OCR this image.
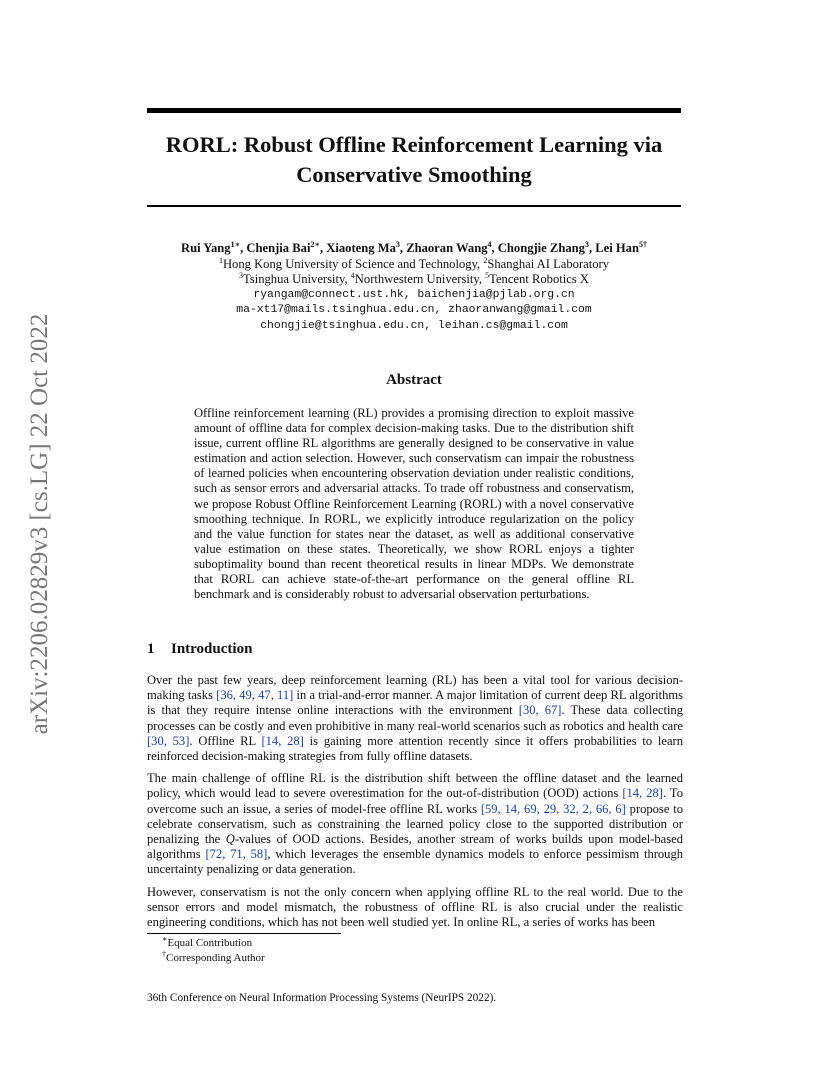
arXiv:2206.02829v3 [cs.LG] 22 Oct 2022
RORL: Robust Offline Reinforcement Learning via
Conservative Smoothing
Rui Yang$^{1∗}$, Chenjia Bai$^{2∗}$, Xiaoteng Ma$^3$, Zhaoran Wang$^4$, Chongjie Zhang$^3$, Lei Han$^{5\dagger}$
$^1$Hong Kong University of Science and Technology, $^2$Shanghai AI Laboratory
$^3$Tsinghua University, $^4$Northwestern University, $^5$Tencent Robotics X
ryangam@connect.ust.hk, baichenjia@pjlab.org.cn
ma-xt17@mails.tsinghua.edu.cn, zhaoranwang@gmail.com
chongjie@tsinghua.edu.cn, leihan.cs@gmail.com
Abstract
Offline reinforcement learning (RL) provides a promising direction to exploit massive amount of offline data for complex decision-making tasks. Due to the distribution shift issue, current offline RL algorithms are generally designed to be conservative in value estimation and action selection. However, such conservatism can impair the robustness of learned policies when encountering observation deviation under realistic conditions, such as sensor errors and adversarial attacks. To trade off robustness and conservatism, we propose Robust Offline Reinforcement Learning (RORL) with a novel conservative smoothing technique. In RORL, we explicitly introduce regularization on the policy and the value function for states near the dataset, as well as additional conservative value estimation on these states. Theoretically, we show RORL enjoys a tighter suboptimality bound than recent theoretical results in linear MDPs. We demonstrate that RORL can achieve state-of-the-art performance on the general offline RL benchmark and is considerably robust to adversarial observation perturbations.
1 Introduction

Over the past few years, deep reinforcement learning (RL) has been a vital tool for various decision-making tasks [36, 49, 47, 11] in a trial-and-error manner. A major limitation of current deep RL algorithms is that they require intense online interactions with the environment [30, 67]. These data collecting processes can be costly and even prohibitive in many real-world scenarios such as robotics and health care [30, 53]. Offline RL [14, 28] is gaining more attention recently since it offers probabilities to learn reinforced decision-making strategies from fully offline datasets.

The main challenge of offline RL is the distribution shift between the offline dataset and the learned policy, which would lead to severe overestimation for the out-of-distribution (OOD) actions [14, 28]. To overcome such an issue, a series of model-free offline RL works [59, 14, 69, 29, 32, 2, 66, 6] propose to celebrate conservatism, such as constraining the learned policy close to the supported distribution or penalizing the Q-values of OOD actions. Besides, another stream of works builds upon model-based algorithms [72, 71, 58], which leverages the ensemble dynamics models to enforce pessimism through uncertainty penalizing or data generation.

However, conservatism is not the only concern when applying offline RL to the real world. Due to the sensor errors and model mismatch, the robustness of offline RL is also crucial under the realistic engineering conditions, which has not been well studied yet. In online RL, a series of works has been

∗Equal Contribution
†Corresponding Author
36th Conference on Neural Information Processing Systems (NeurIPS 2022).
